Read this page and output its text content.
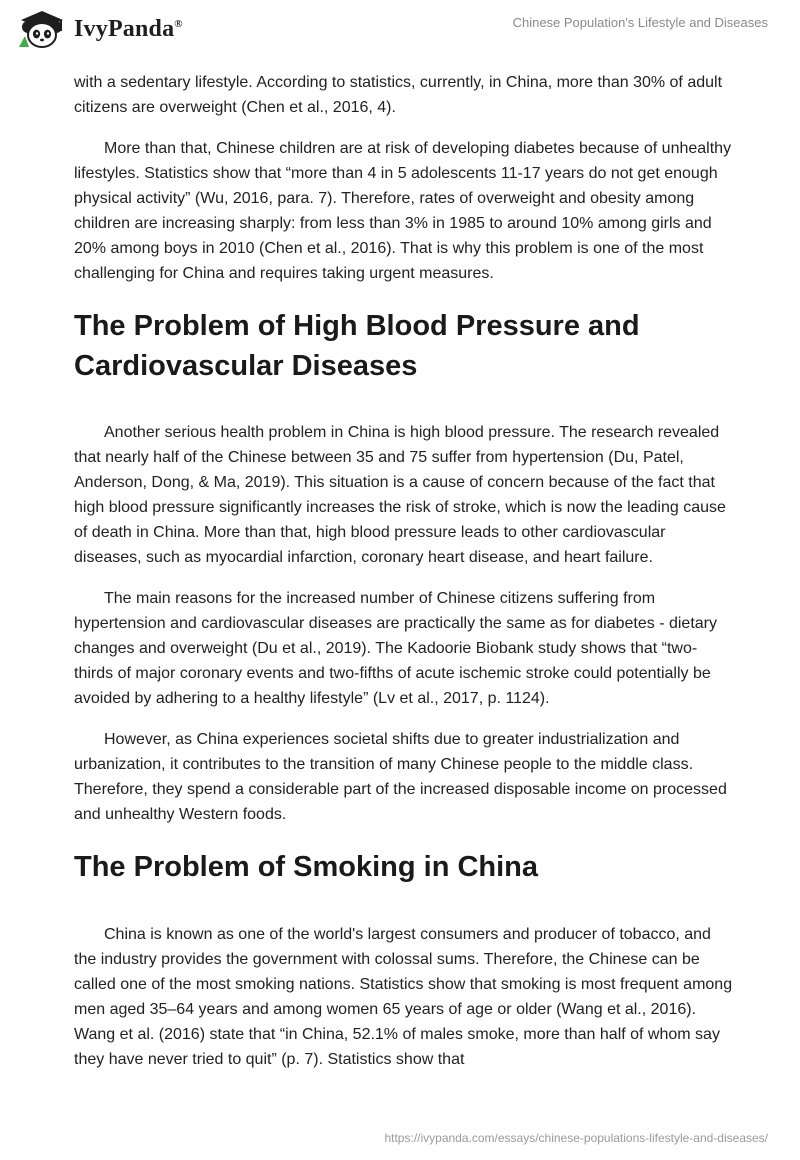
IvyPanda®	Chinese Population's Lifestyle and Diseases

with a sedentary lifestyle. According to statistics, currently, in China, more than 30% of adult citizens are overweight (Chen et al., 2016, 4).

More than that, Chinese children are at risk of developing diabetes because of unhealthy lifestyles. Statistics show that “more than 4 in 5 adolescents 11-17 years do not get enough physical activity” (Wu, 2016, para. 7). Therefore, rates of overweight and obesity among children are increasing sharply: from less than 3% in 1985 to around 10% among girls and 20% among boys in 2010 (Chen et al., 2016). That is why this problem is one of the most challenging for China and requires taking urgent measures.

The Problem of High Blood Pressure and Cardiovascular Diseases

Another serious health problem in China is high blood pressure. The research revealed that nearly half of the Chinese between 35 and 75 suffer from hypertension (Du, Patel, Anderson, Dong, & Ma, 2019). This situation is a cause of concern because of the fact that high blood pressure significantly increases the risk of stroke, which is now the leading cause of death in China. More than that, high blood pressure leads to other cardiovascular diseases, such as myocardial infarction, coronary heart disease, and heart failure.

The main reasons for the increased number of Chinese citizens suffering from hypertension and cardiovascular diseases are practically the same as for diabetes - dietary changes and overweight (Du et al., 2019). The Kadoorie Biobank study shows that “two-thirds of major coronary events and two-fifths of acute ischemic stroke could potentially be avoided by adhering to a healthy lifestyle” (Lv et al., 2017, p. 1124).

However, as China experiences societal shifts due to greater industrialization and urbanization, it contributes to the transition of many Chinese people to the middle class. Therefore, they spend a considerable part of the increased disposable income on processed and unhealthy Western foods.

The Problem of Smoking in China

China is known as one of the world's largest consumers and producer of tobacco, and the industry provides the government with colossal sums. Therefore, the Chinese can be called one of the most smoking nations. Statistics show that smoking is most frequent among men aged 35–64 years and among women 65 years of age or older (Wang et al., 2016). Wang et al. (2016) state that “in China, 52.1% of males smoke, more than half of whom say they have never tried to quit” (p. 7). Statistics show that

https://ivypanda.com/essays/chinese-populations-lifestyle-and-diseases/
